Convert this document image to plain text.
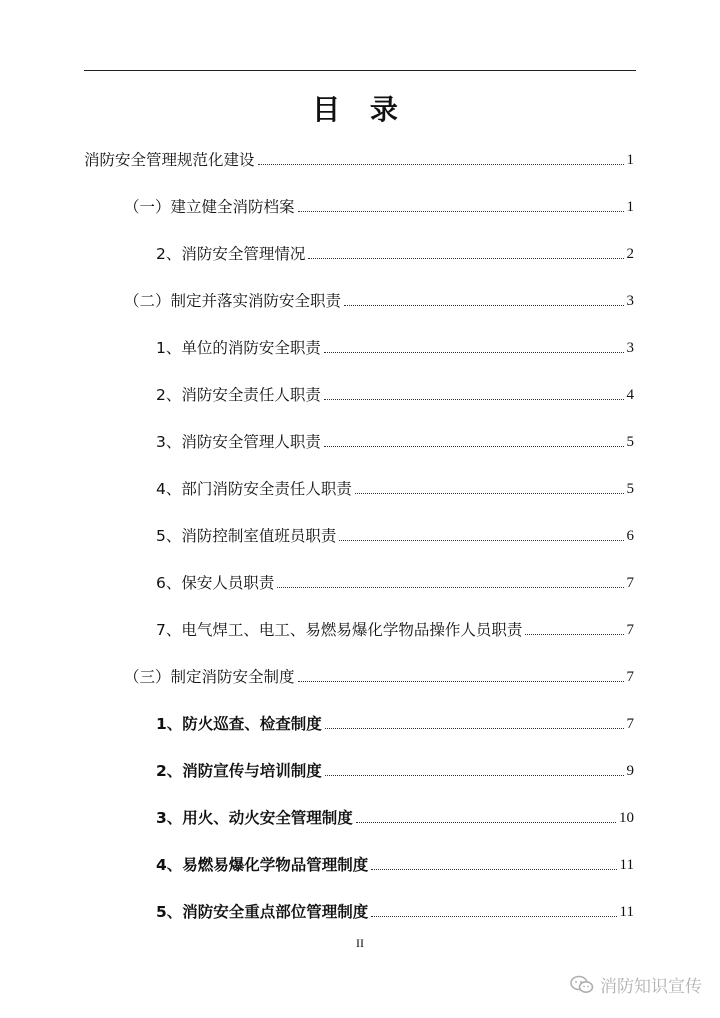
目 录
消防安全管理规范化建设	1
（一）建立健全消防档案	1
2、消防安全管理情况	2
（二）制定并落实消防安全职责	3
1、单位的消防安全职责	3
2、消防安全责任人职责	4
3、消防安全管理人职责	5
4、部门消防安全责任人职责	5
5、消防控制室值班员职责	6
6、保安人员职责	7
7、电气焊工、电工、易燃易爆化学物品操作人员职责	7
（三）制定消防安全制度	7
1、防火巡查、检查制度	7
2、消防宣传与培训制度	9
3、用火、动火安全管理制度	10
4、易燃易爆化学物品管理制度	11
5、消防安全重点部位管理制度	11
II
消防知识宣传
